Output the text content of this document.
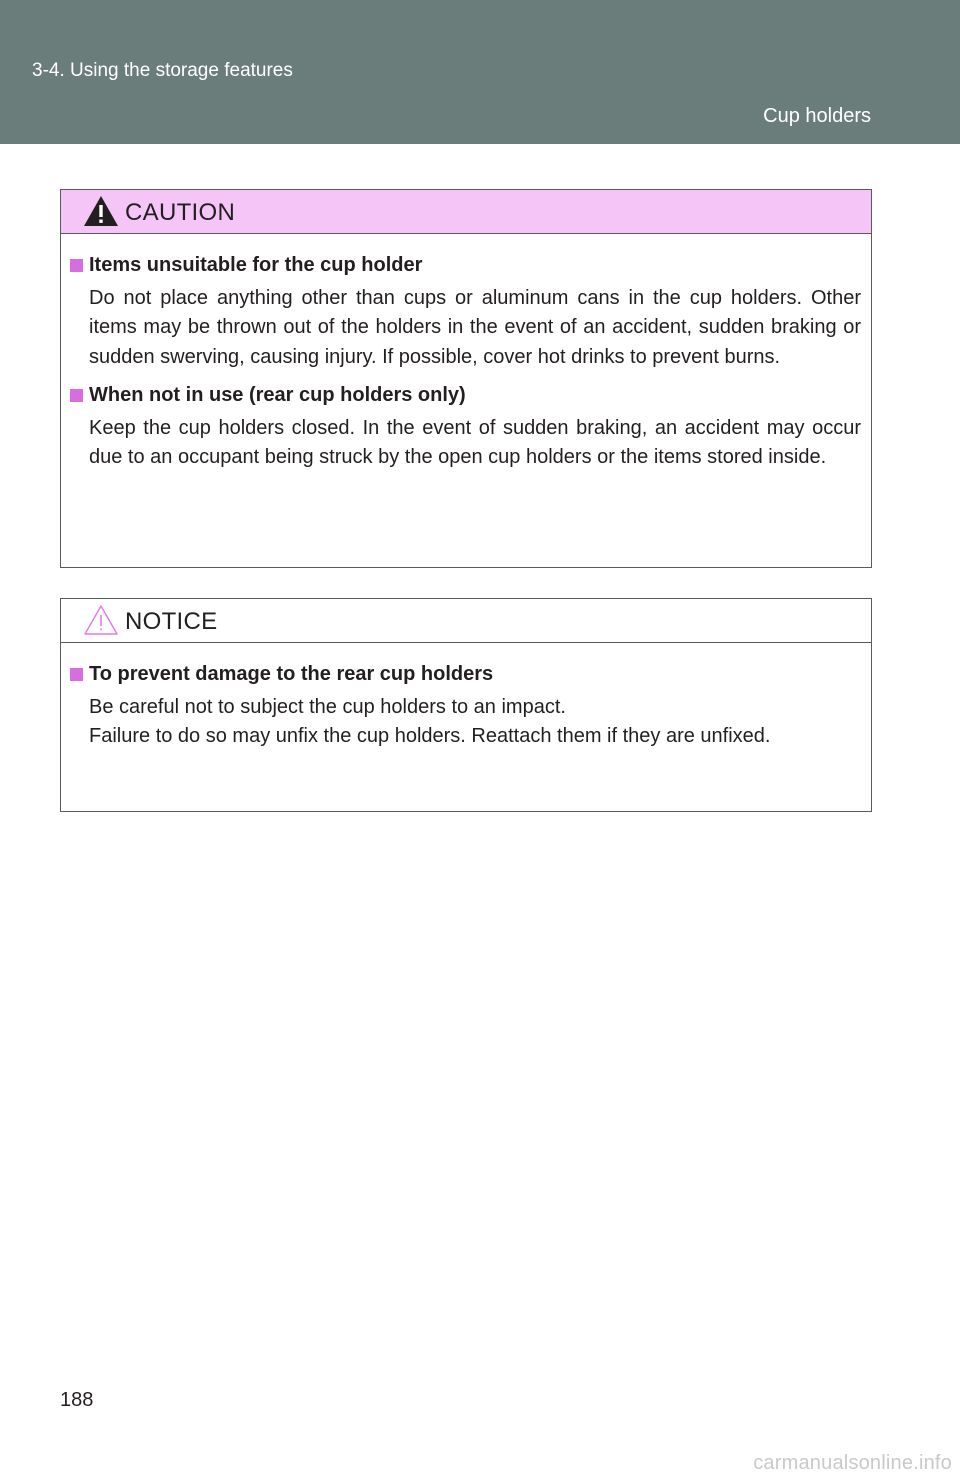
3-4. Using the storage features
Cup holders
CAUTION
Items unsuitable for the cup holder
Do not place anything other than cups or aluminum cans in the cup holders. Other items may be thrown out of the holders in the event of an accident, sudden braking or sudden swerving, causing injury. If possible, cover hot drinks to prevent burns.
When not in use (rear cup holders only)
Keep the cup holders closed. In the event of sudden braking, an accident may occur due to an occupant being struck by the open cup holders or the items stored inside.
NOTICE
To prevent damage to the rear cup holders
Be careful not to subject the cup holders to an impact.
Failure to do so may unfix the cup holders. Reattach them if they are unfixed.
188
carmanualsonline.info
